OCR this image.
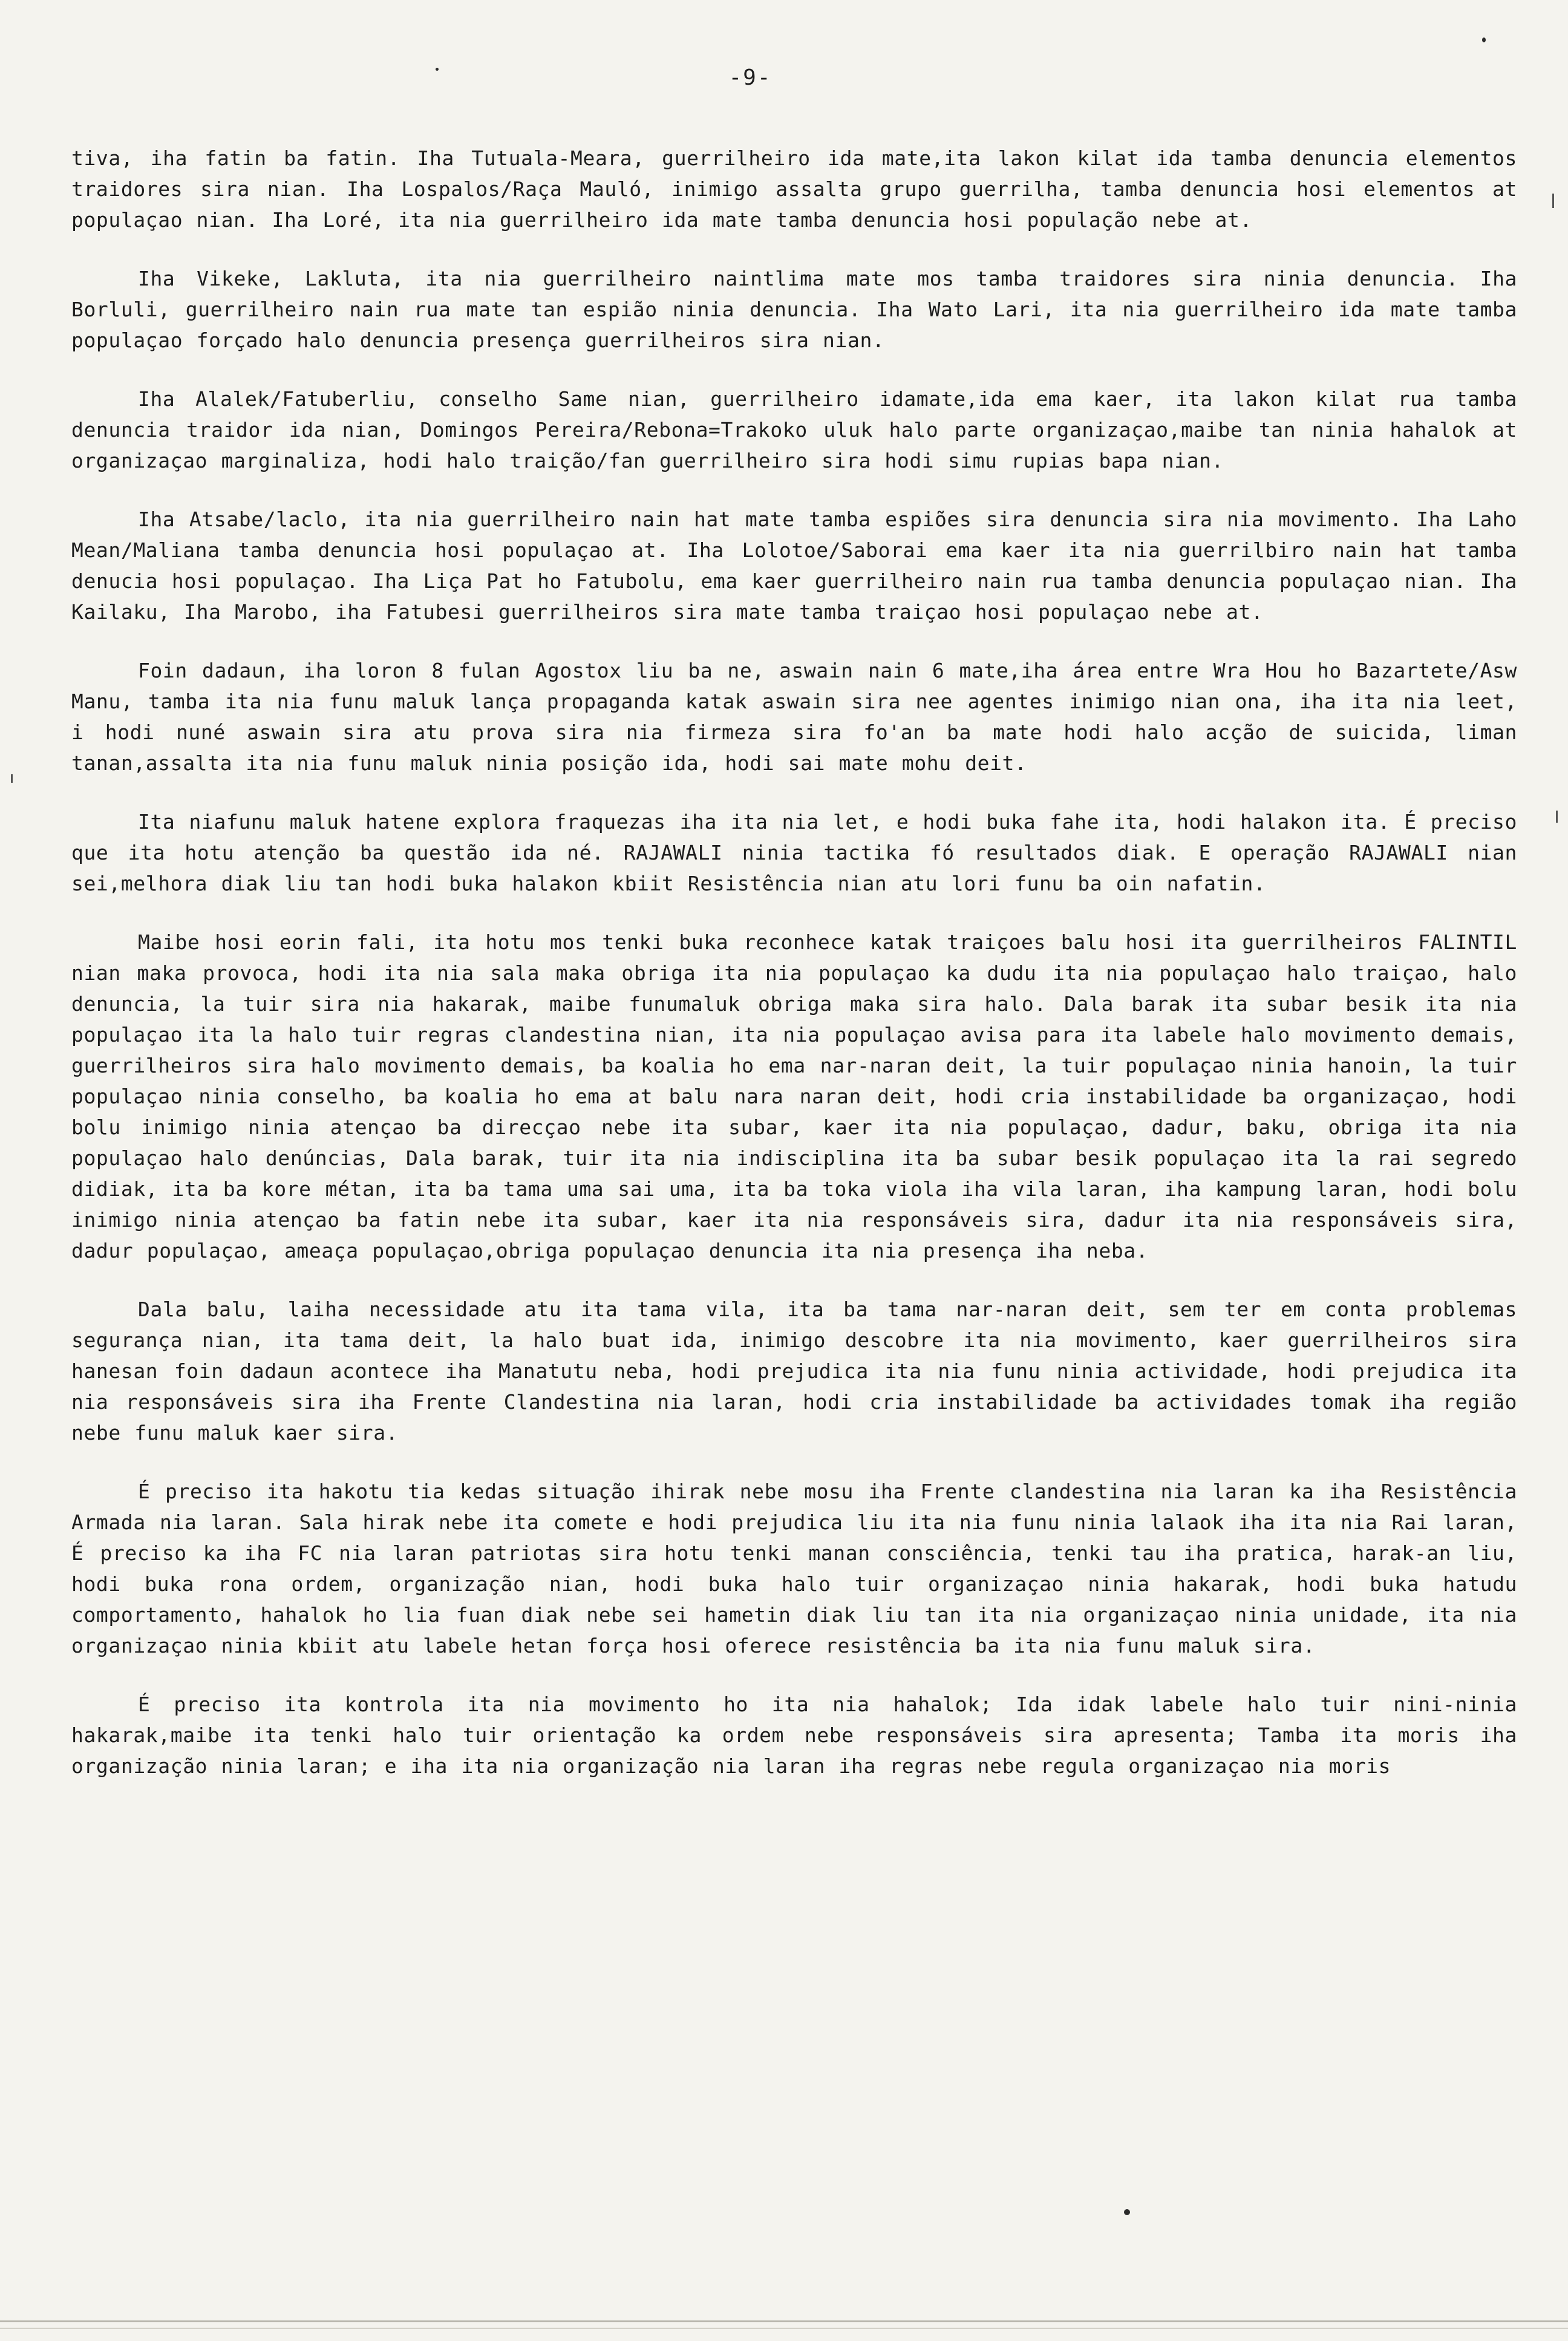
-9-

tiva, iha fatin ba fatin. Iha Tutuala-Meara, guerrilheiro ida mate,ita lakon kilat ida tamba denuncia elementos traidores sira nian. Iha Lospalos/Raça Mauló, inimigo assalta grupo guerrilha, tamba denuncia hosi elementos at populaçao nian. Iha Loré, ita nia guerrilheiro ida mate tamba denuncia hosi população nebe at.

Iha Vikeke, Lakluta, ita nia guerrilheiro naintlima mate mos tamba traidores sira ninia denuncia. Iha Borluli, guerrilheiro nain rua mate tan espião ninia denuncia. Iha Wato Lari, ita nia guerrilheiro ida mate tamba populaçao forçado halo denuncia presença guerrilheiros sira nian.

Iha Alalek/Fatuberliu, conselho Same nian, guerrilheiro idamate,ida ema kaer, ita lakon kilat rua tamba denuncia traidor ida nian, Domingos Pereira/Rebona=Trakoko uluk halo parte organizaçao,maibe tan ninia hahalok at organizaçao marginaliza, hodi halo traição/fan guerrilheiro sira hodi simu rupias bapa nian.

Iha Atsabe/laclo, ita nia guerrilheiro nain hat mate tamba espiões sira denuncia sira nia movimento. Iha Laho Mean/Maliana tamba denuncia hosi populaçao at. Iha Lolotoe/Saborai ema kaer ita nia guerrilbiro nain hat tamba denucia hosi populaçao. Iha Liça Pat ho Fatubolu, ema kaer guerrilheiro nain rua tamba denuncia populaçao nian. Iha Kailaku, Iha Marobo, iha Fatubesi guerrilheiros sira mate tamba traiçao hosi populaçao nebe at.

Foin dadaun, iha loron 8 fulan Agostox liu ba ne, aswain nain 6 mate,iha área entre Wra Hou ho Bazartete/Asw Manu, tamba ita nia funu maluk lança propaganda katak aswain sira nee agentes inimigo nian ona, iha ita nia leet, i hodi nuné aswain sira atu prova sira nia firmeza sira fo'an ba mate hodi halo acção de suicida, liman tanan,assalta ita nia funu maluk ninia posição ida, hodi sai mate mohu deit.

Ita niafunu maluk hatene explora fraquezas iha ita nia let, e hodi buka fahe ita, hodi halakon ita. É preciso que ita hotu atenção ba questão ida né. RAJAWALI ninia tactika fó resultados diak. E operação RAJAWALI nian sei,melhora diak liu tan hodi buka halakon kbiit Resistência nian atu lori funu ba oin nafatin.

Maibe hosi eorin fali, ita hotu mos tenki buka reconhece katak traiçoes balu hosi ita guerrilheiros FALINTIL nian maka provoca, hodi ita nia sala maka obriga ita nia populaçao ka dudu ita nia populaçao halo traiçao, halo denuncia, la tuir sira nia hakarak, maibe funumaluk obriga maka sira halo. Dala barak ita subar besik ita nia populaçao ita la halo tuir regras clandestina nian, ita nia populaçao avisa para ita labele halo movimento demais, guerrilheiros sira halo movimento demais, ba koalia ho ema nar-naran deit, la tuir populaçao ninia hanoin, la tuir populaçao ninia conselho, ba koalia ho ema at balu nara naran deit, hodi cria instabilidade ba organizaçao, hodi bolu inimigo ninia atençao ba direcçao nebe ita subar, kaer ita nia populaçao, dadur, baku, obriga ita nia populaçao halo denúncias, Dala barak, tuir ita nia indisciplina ita ba subar besik populaçao ita la rai segredo didiak, ita ba kore métan, ita ba tama uma sai uma, ita ba toka viola iha vila laran, iha kampung laran, hodi bolu inimigo ninia atençao ba fatin nebe ita subar, kaer ita nia responsáveis sira, dadur ita nia responsáveis sira, dadur populaçao, ameaça populaçao,obriga populaçao denuncia ita nia presença iha neba.

Dala balu, laiha necessidade atu ita tama vila, ita ba tama nar-naran deit, sem ter em conta problemas segurança nian, ita tama deit, la halo buat ida, inimigo descobre ita nia movimento, kaer guerrilheiros sira hanesan foin dadaun acontece iha Manatutu neba, hodi prejudica ita nia funu ninia actividade, hodi prejudica ita nia responsáveis sira iha Frente Clandestina nia laran, hodi cria instabilidade ba actividades tomak iha região nebe funu maluk kaer sira.

É preciso ita hakotu tia kedas situação ihirak nebe mosu iha Frente clandestina nia laran ka iha Resistência Armada nia laran. Sala hirak nebe ita comete e hodi prejudica liu ita nia funu ninia lalaok iha ita nia Rai laran, É preciso ka iha FC nia laran patriotas sira hotu tenki manan consciência, tenki tau iha pratica, harak-an liu, hodi buka rona ordem, organização nian, hodi buka halo tuir organizaçao ninia hakarak, hodi buka hatudu comportamento, hahalok ho lia fuan diak nebe sei hametin diak liu tan ita nia organizaçao ninia unidade, ita nia organizaçao ninia kbiit atu labele hetan força hosi oferece resistência ba ita nia funu maluk sira.

É preciso ita kontrola ita nia movimento ho ita nia hahalok; Ida idak labele halo tuir nini-ninia hakarak,maibe ita tenki halo tuir orientação ka ordem nebe responsáveis sira apresenta; Tamba ita moris iha organização ninia laran; e iha ita nia organização nia laran iha regras nebe regula organizaçao nia moris
